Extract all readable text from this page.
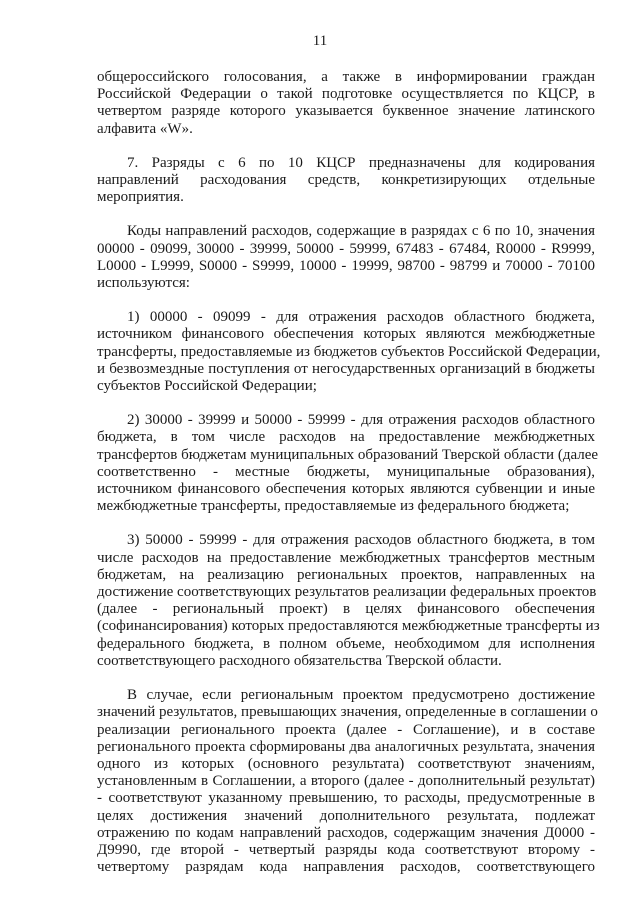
11
общероссийского голосования, а также в информировании граждан
Российской Федерации о такой подготовке осуществляется по КЦСР, в
четвертом разряде которого указывается буквенное значение латинского
алфавита «W».
7. Разряды с 6 по 10 КЦСР предназначены для кодирования
направлений расходования средств, конкретизирующих отдельные
мероприятия.
Коды направлений расходов, содержащие в разрядах с 6 по 10, значения
00000 - 09099, 30000 - 39999, 50000 - 59999, 67483 - 67484, R0000 - R9999,
L0000 - L9999, S0000 - S9999, 10000 - 19999, 98700 - 98799 и 70000 - 70100
используются:
1) 00000 - 09099 - для отражения расходов областного бюджета,
источником финансового обеспечения которых являются межбюджетные
трансферты, предоставляемые из бюджетов субъектов Российской Федерации,
и безвозмездные поступления от негосударственных организаций в бюджеты
субъектов Российской Федерации;
2) 30000 - 39999 и 50000 - 59999 - для отражения расходов областного
бюджета, в том числе расходов на предоставление межбюджетных
трансфертов бюджетам муниципальных образований Тверской области (далее
соответственно - местные бюджеты, муниципальные образования),
источником финансового обеспечения которых являются субвенции и иные
межбюджетные трансферты, предоставляемые из федерального бюджета;
3) 50000 - 59999 - для отражения расходов областного бюджета, в том
числе расходов на предоставление межбюджетных трансфертов местным
бюджетам, на реализацию региональных проектов, направленных на
достижение соответствующих результатов реализации федеральных проектов
(далее - региональный проект) в целях финансового обеспечения
(софинансирования) которых предоставляются межбюджетные трансферты из
федерального бюджета, в полном объеме, необходимом для исполнения
соответствующего расходного обязательства Тверской области.
В случае, если региональным проектом предусмотрено достижение
значений результатов, превышающих значения, определенные в соглашении о
реализации регионального проекта (далее - Соглашение), и в составе
регионального проекта сформированы два аналогичных результата, значения
одного из которых (основного результата) соответствуют значениям,
установленным в Соглашении, а второго (далее - дополнительный результат)
- соответствуют указанному превышению, то расходы, предусмотренные в
целях достижения значений дополнительного результата, подлежат
отражению по кодам направлений расходов, содержащим значения Д0000 -
Д9990, где второй - четвертый разряды кода соответствуют второму -
четвертому разрядам кода направления расходов, соответствующего
